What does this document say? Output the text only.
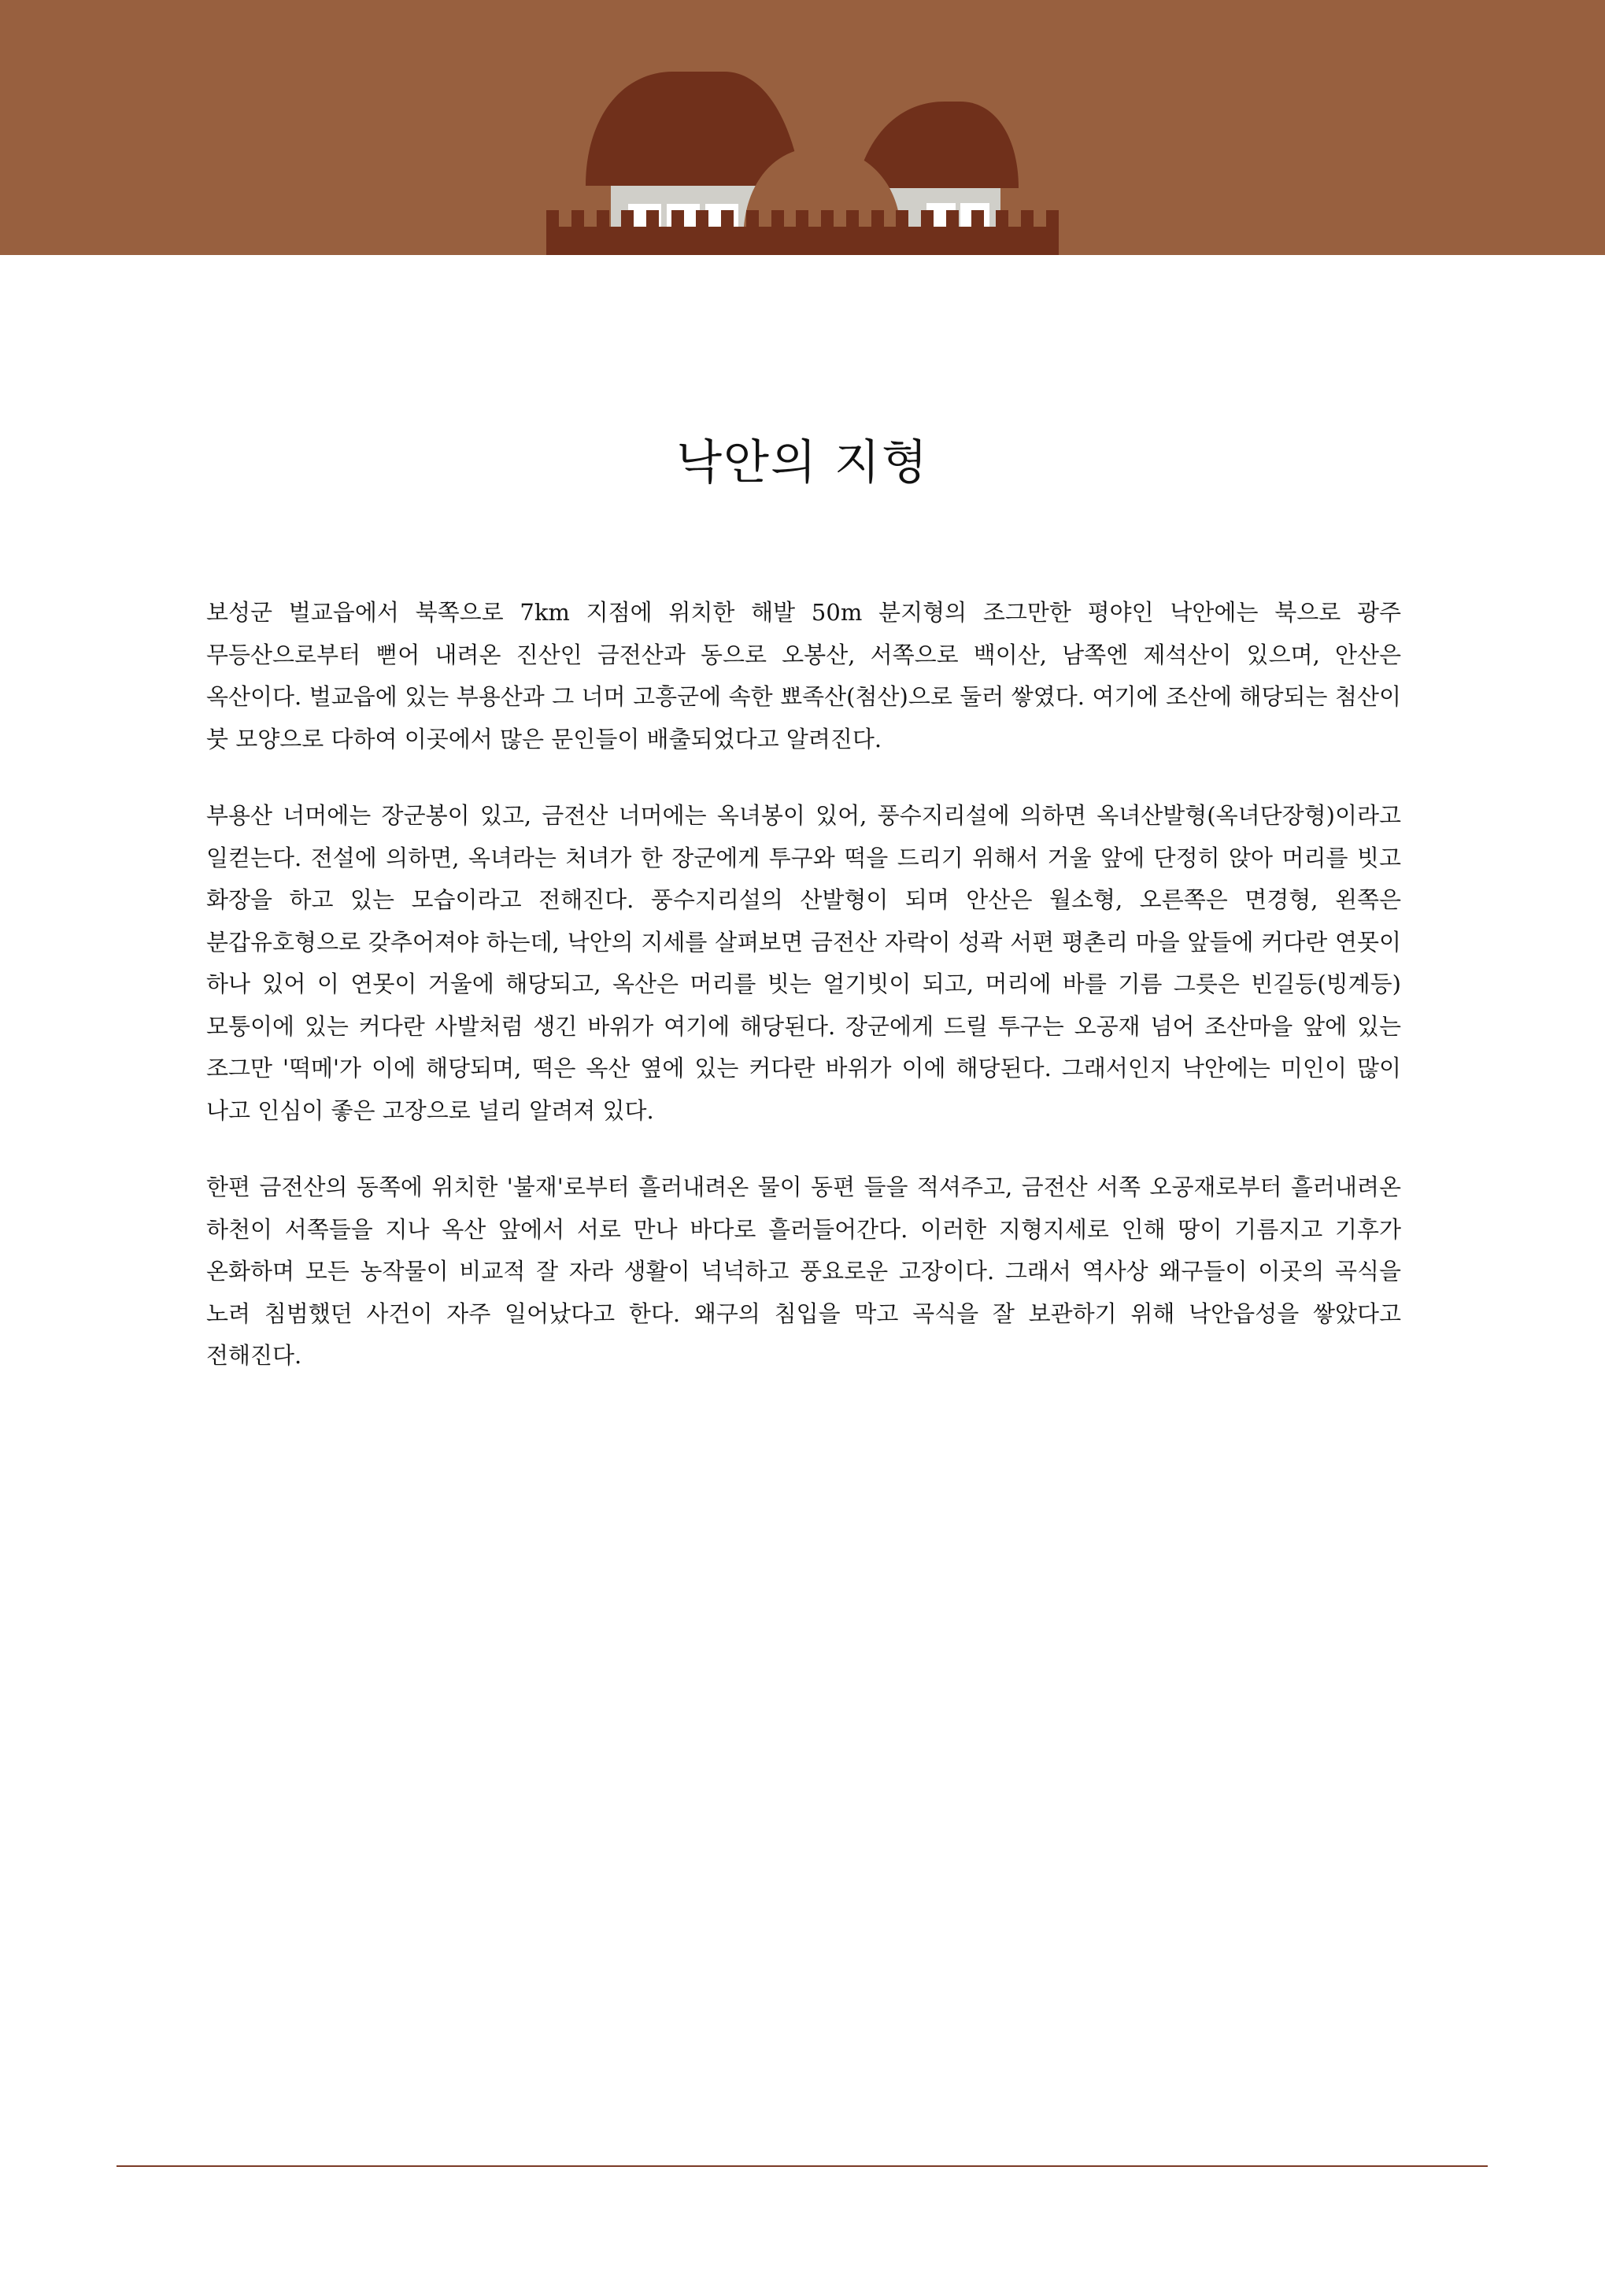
낙안의 지형

보성군 벌교읍에서 북쪽으로 7km 지점에 위치한 해발 50m 분지형의 조그만한 평야인 낙안에는 북으로 광주 무등산으로부터 뻗어 내려온 진산인 금전산과 동으로 오봉산, 서쪽으로 백이산, 남쪽엔 제석산이 있으며, 안산은 옥산이다. 벌교읍에 있는 부용산과 그 너머 고흥군에 속한 뾰족산(첨산)으로 둘러 쌓였다. 여기에 조산에 해당되는 첨산이 붓 모양으로 다하여 이곳에서 많은 문인들이 배출되었다고 알려진다.

부용산 너머에는 장군봉이 있고, 금전산 너머에는 옥녀봉이 있어, 풍수지리설에 의하면 옥녀산발형(옥녀단장형)이라고 일컫는다. 전설에 의하면, 옥녀라는 처녀가 한 장군에게 투구와 떡을 드리기 위해서 거울 앞에 단정히 앉아 머리를 빗고 화장을 하고 있는 모습이라고 전해진다. 풍수지리설의 산발형이 되며 안산은 월소형, 오른쪽은 면경형, 왼쪽은 분갑유호형으로 갖추어져야 하는데, 낙안의 지세를 살펴보면 금전산 자락이 성곽 서편 평촌리 마을 앞들에 커다란 연못이 하나 있어 이 연못이 거울에 해당되고, 옥산은 머리를 빗는 얼기빗이 되고, 머리에 바를 기름 그릇은 빈길등(빙계등) 모퉁이에 있는 커다란 사발처럼 생긴 바위가 여기에 해당된다. 장군에게 드릴 투구는 오공재 넘어 조산마을 앞에 있는 조그만 '떡메'가 이에 해당되며, 떡은 옥산 옆에 있는 커다란 바위가 이에 해당된다. 그래서인지 낙안에는 미인이 많이 나고 인심이 좋은 고장으로 널리 알려져 있다.

한편 금전산의 동쪽에 위치한 '불재'로부터 흘러내려온 물이 동편 들을 적셔주고, 금전산 서쪽 오공재로부터 흘러내려온 하천이 서쪽들을 지나 옥산 앞에서 서로 만나 바다로 흘러들어간다. 이러한 지형지세로 인해 땅이 기름지고 기후가 온화하며 모든 농작물이 비교적 잘 자라 생활이 넉넉하고 풍요로운 고장이다. 그래서 역사상 왜구들이 이곳의 곡식을 노려 침범했던 사건이 자주 일어났다고 한다. 왜구의 침입을 막고 곡식을 잘 보관하기 위해 낙안읍성을 쌓았다고 전해진다.
